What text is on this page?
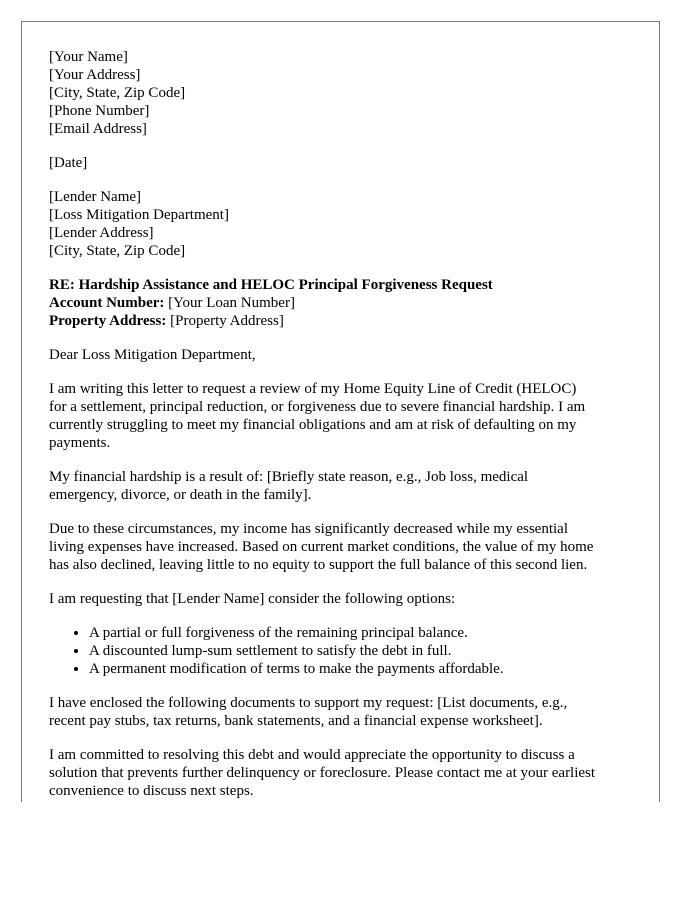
[Your Name]
[Your Address]
[City, State, Zip Code]
[Phone Number]
[Email Address]
[Date]
[Lender Name]
[Loss Mitigation Department]
[Lender Address]
[City, State, Zip Code]
RE: Hardship Assistance and HELOC Principal Forgiveness Request
Account Number: [Your Loan Number]
Property Address: [Property Address]

Dear Loss Mitigation Department,

I am writing this letter to request a review of my Home Equity Line of Credit (HELOC)
for a settlement, principal reduction, or forgiveness due to severe financial hardship. I am
currently struggling to meet my financial obligations and am at risk of defaulting on my
payments.

My financial hardship is a result of: [Briefly state reason, e.g., Job loss, medical
emergency, divorce, or death in the family].

Due to these circumstances, my income has significantly decreased while my essential
living expenses have increased. Based on current market conditions, the value of my home
has also declined, leaving little to no equity to support the full balance of this second lien.

I am requesting that [Lender Name] consider the following options:

• A partial or full forgiveness of the remaining principal balance.
• A discounted lump-sum settlement to satisfy the debt in full.
• A permanent modification of terms to make the payments affordable.

I have enclosed the following documents to support my request: [List documents, e.g.,
recent pay stubs, tax returns, bank statements, and a financial expense worksheet].

I am committed to resolving this debt and would appreciate the opportunity to discuss a
solution that prevents further delinquency or foreclosure. Please contact me at your earliest
convenience to discuss next steps.
